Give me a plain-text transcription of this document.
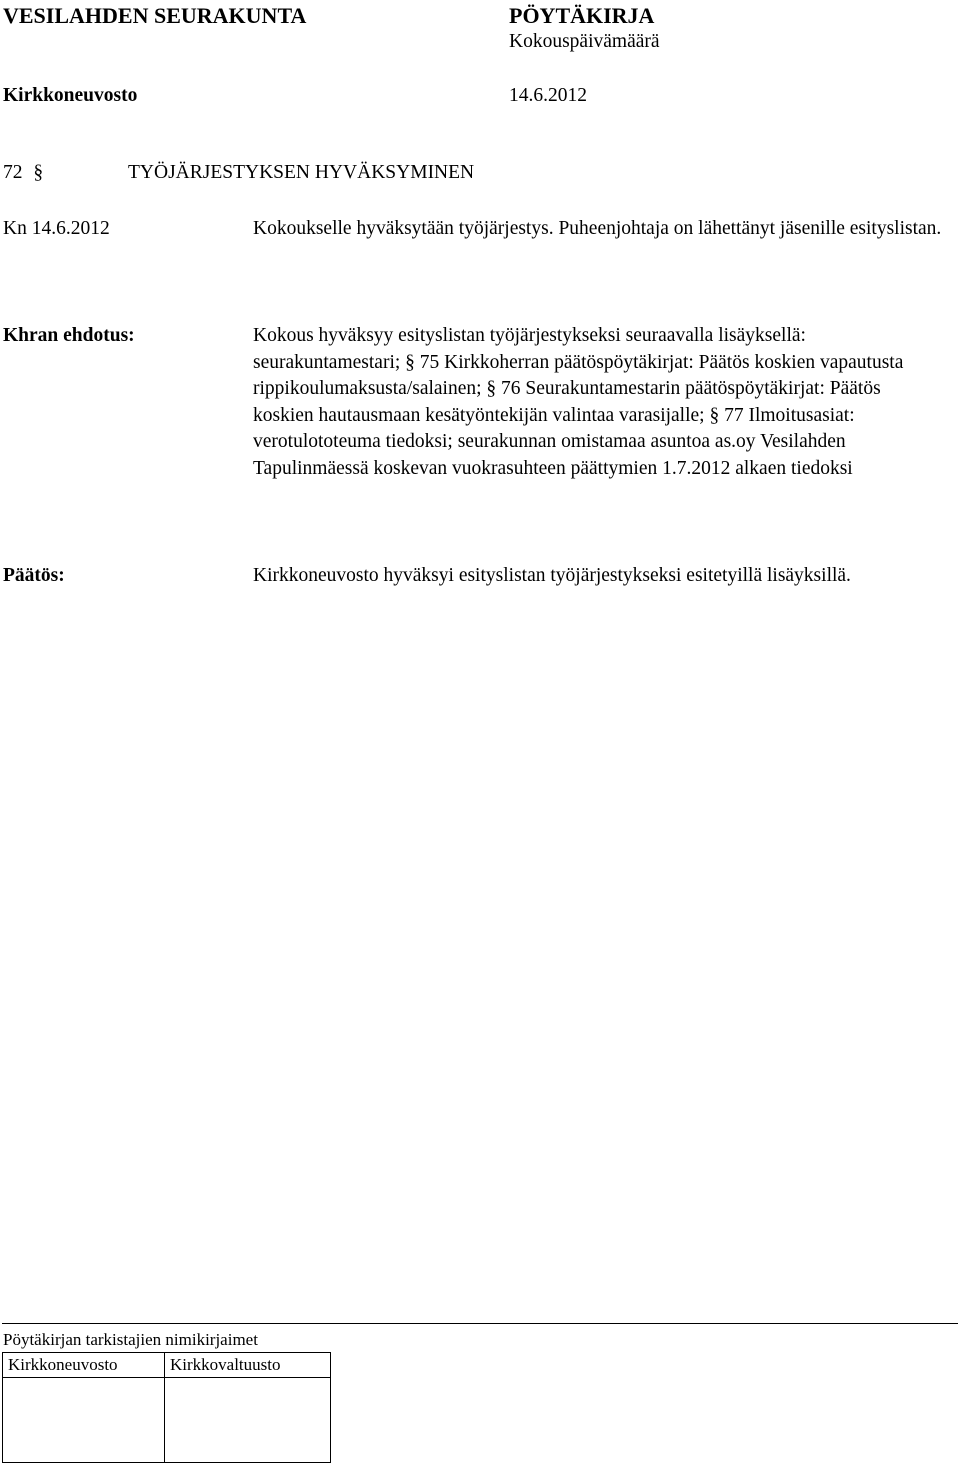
VESILAHDEN SEURAKUNTA	PÖYTÄKIRJA
Kokouspäivämäärä
Kirkkoneuvosto	14.6.2012
72 §	TYÖJÄRJESTYKSEN HYVÄKSYMINEN
Kn 14.6.2012	Kokoukselle hyväksytään työjärjestys. Puheenjohtaja on lähettänyt jäsenille esityslistan.

Khran ehdotus:	Kokous hyväksyy esityslistan työjärjestykseksi seuraavalla lisäyksellä: seurakuntamestari; § 75 Kirkkoherran päätöspöytäkirjat: Päätös koskien vapautusta rippikoulumaksusta/salainen; § 76 Seurakuntamestarin päätöspöytäkirjat: Päätös koskien hautausmaan kesätyöntekijän valintaa varasijalle; § 77 Ilmoitusasiat: verotulototeuma tiedoksi; seurakunnan omistamaa asuntoa as.oy Vesilahden Tapulinmäessä koskevan vuokrasuhteen päättymien 1.7.2012 alkaen tiedoksi

Päätös:	Kirkkoneuvosto hyväksyi esityslistan työjärjestykseksi esitetyillä lisäyksillä.

Pöytäkirjan tarkistajien nimikirjaimet
Kirkkoneuvosto	Kirkkovaltuusto
